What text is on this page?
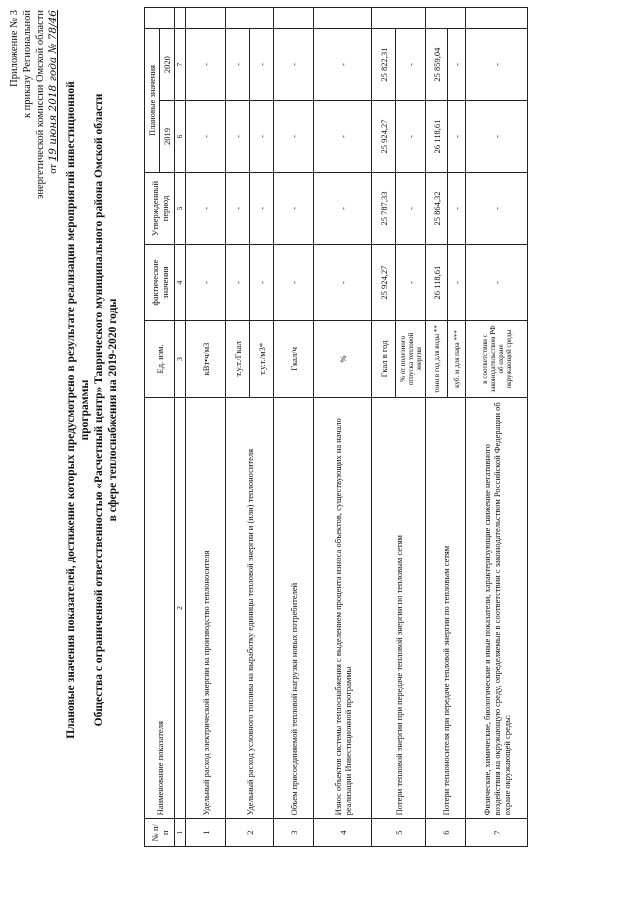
Приложение № 3 к приказу Региональной энергетической комиссии Омской области от 19 июня 2018 года № 78/46 Плановые значения показателей, достижение которых предусмотрено в результате реализации мероприятий инвестиционной программы Общества с ограниченной ответственностью «Расчетный центр» Таврического муниципального района Омской области в сфере теплоснабжения на 2019-2020 годы
№ п/п	Наименование показателя	Ед. изм.	фактические значения	Утвержденный период	Плановые значения		
					2019	2020	
1	2	3	4	5	6	7	
1	Удельный расход электрической энергии на производство теплоносителя	кВт•ч/м3	-	-	-	-	
2	Удельный расход условного топлива на выработку единицы тепловой энергии и (или) теплоносителя	т.у.т./Гкал	-	-	-	-	
		т.у.т./м3*	-	-	-	-	
3	Объем присоединяемой тепловой нагрузки новых потребителей	Гкал/ч	-	-	-	-	
4	Износ объектов системы теплоснабжения с выделением процента износа объектов, существующих на начало реализации Инвестиционной программы	%	-	-	-	-	
5	Потери тепловой энергии при передаче тепловой энергии по тепловым сетям	Гкал в год	25 924,27	25 787,33	25 924,27	25 822,31	
		% от полезного отпуска тепловой энергии	-	-	-	-	
6	Потери теплоносителя при передаче тепловой энергии по тепловым сетям	тонн в год для воды **	26 118,61	25 864,32	26 118,61	25 859,04	
		куб. м для пара ***	-	-	-	-	
7	Физические, химические, биологические и иные показатели, характеризующие снижение негативного воздействия на окружающую среду, определяемые в соответствии с законодательством Российской Федерации об охране окружающей среды:	в соответствии с законодательством РФ об охране окружающей среды	-	-	-	-	
